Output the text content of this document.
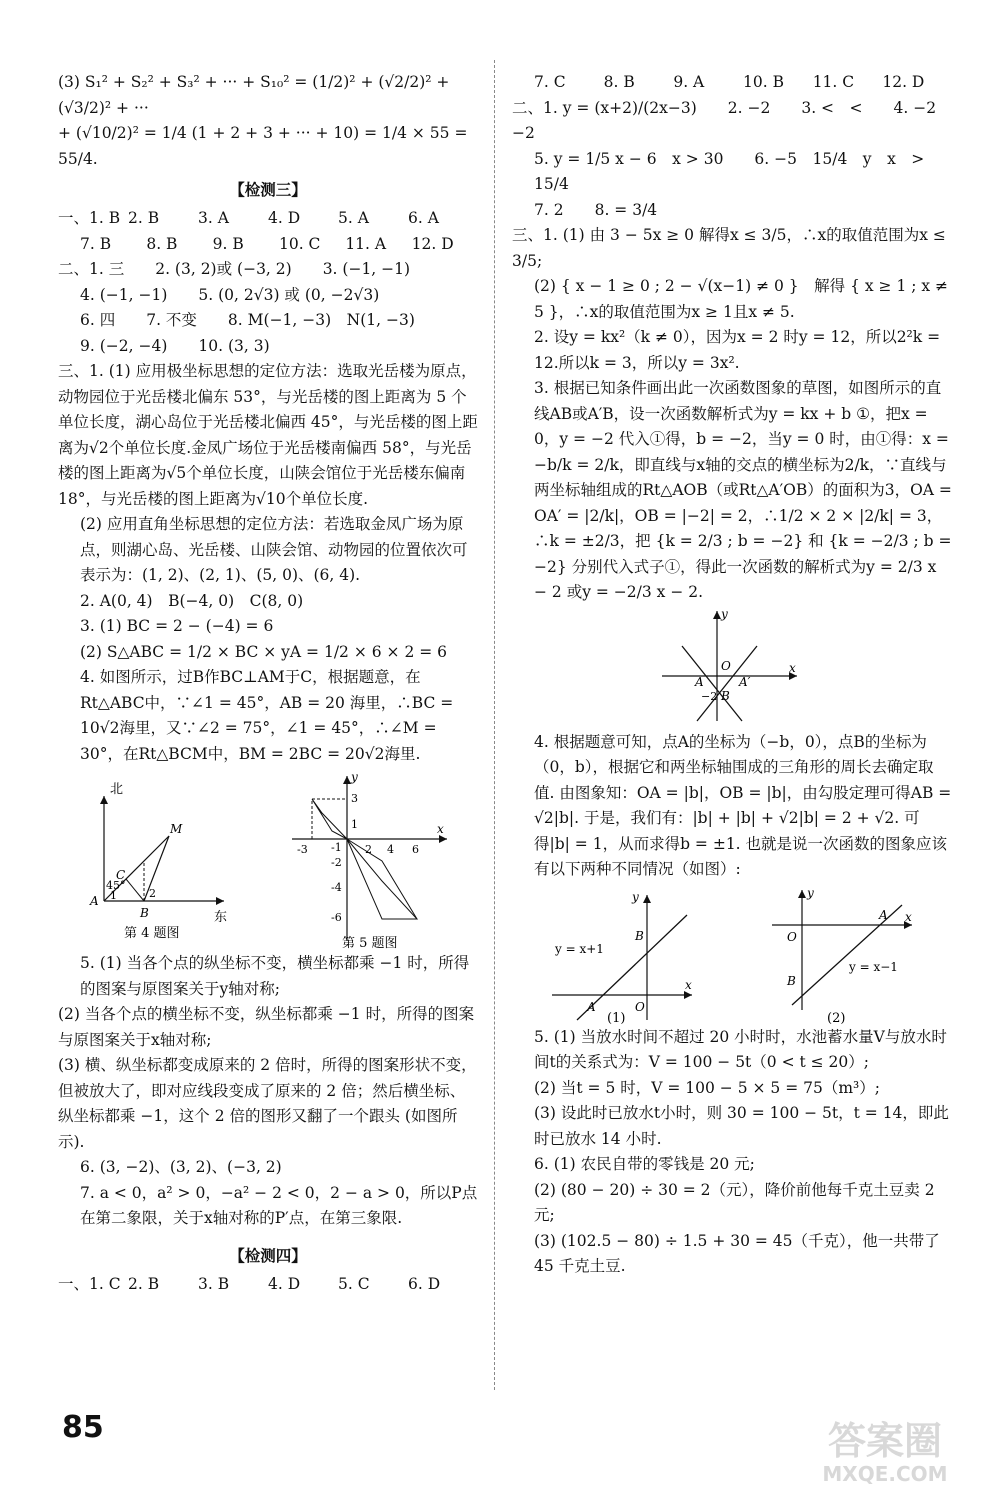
(3) S₁² + S₂² + S₃² + ··· + S₁₀² = (1/2)² + (√2/2)² + (√3/2)² + ···
+ (√10/2)² = 1/4 (1 + 2 + 3 + ··· + 10) = 1/4 × 55 = 55/4.
【检测三】
一、1. B 2. B	3. A	4. D	5. A	6. A
7. B	8. B	9. B	10. C	11. A	12. D
二、1. 三　　2. (3, 2)或 (−3, 2)　　3. (−1, −1)
4. (−1, −1)　　5. (0, 2√3) 或 (0, −2√3)
6. 四　　7. 不变　　8. M(−1, −3)　N(1, −3)
9. (−2, −4)　　10. (3, 3)
三、1. (1) 应用极坐标思想的定位方法：选取光岳楼为原点，动物园位于光岳楼北偏东 53°，与光岳楼的图上距离为 5 个单位长度，湖心岛位于光岳楼北偏西 45°，与光岳楼的图上距离为√2个单位长度.金凤广场位于光岳楼南偏西 58°，与光岳楼的图上距离为√5个单位长度，山陕会馆位于光岳楼东偏南 18°，与光岳楼的图上距离为√10个单位长度.
(2) 应用直角坐标思想的定位方法：若选取金凤广场为原点，则湖心岛、光岳楼、山陕会馆、动物园的位置依次可表示为：(1, 2)、(2, 1)、(5, 0)、(6, 4).
2. A(0, 4)　B(−4, 0)　C(8, 0)
3. (1) BC = 2 − (−4) = 6
(2) S△ABC = 1/2 × BC × yA = 1/2 × 6 × 2 = 6
4. 如图所示，过B作BC⊥AM于C，根据题意，在Rt△ABC中，∵∠1 = 45°，AB = 20 海里，∴BC = 10√2海里，又∵∠2 = 75°，∠1 = 45°，∴∠M = 30°，在Rt△BCM中，BM = 2BC = 20√2海里.
北
东
M
C
45°
A 1
B
2
第 4 题图
y
x
3
1
-1
-2
-4
-6
-3	2 4 6
第 5 题图
5. (1) 当各个点的纵坐标不变，横坐标都乘 −1 时，所得的图案与原图案关于y轴对称;
(2) 当各个点的横坐标不变，纵坐标都乘 −1 时，所得的图案与原图案关于x轴对称;
(3) 横、纵坐标都变成原来的 2 倍时，所得的图案形状不变，但被放大了，即对应线段变成了原来的 2 倍；然后横坐标、纵坐标都乘 −1，这个 2 倍的图形又翻了一个跟头 (如图所示).
6. (3, −2)、(3, 2)、(−3, 2)
7. a < 0，a² > 0，−a² − 2 < 0，2 − a > 0，所以P点在第二象限，关于x轴对称的P′点，在第三象限.
【检测四】
一、1. C 2. B	3. B	4. D	5. C	6. D
7. C	8. B	9. A	10. B	11. C	12. D
二、1. y = (x+2)/(2x−3)　　2. −2　　3. <　<　　4. −2　−2
5. y = 1/5 x − 6　x > 30　　6. −5　15/4　y　x　> 15/4
7. 2　　8. = 3/4
三、1. (1) 由 3 − 5x ≥ 0 解得x ≤ 3/5，∴x的取值范围为x ≤ 3/5;
(2) { x − 1 ≥ 0 ; 2 − √(x−1) ≠ 0 }　解得 { x ≥ 1 ; x ≠ 5 }，∴x的取值范围为x ≥ 1且x ≠ 5.
2. 设y = kx²（k ≠ 0），因为x = 2 时y = 12，所以2²k = 12.所以k = 3，所以y = 3x².
3. 根据已知条件画出此一次函数图象的草图，如图所示的直线AB或A′B，设一次函数解析式为y = kx + b ①，把x = 0，y = −2 代入①得，b = −2，当y = 0 时，由①得：x = −b/k = 2/k，即直线与x轴的交点的横坐标为2/k，∵直线与两坐标轴组成的Rt△AOB（或Rt△A′OB）的面积为3，OA = OA′ = |2/k|，OB = |−2| = 2，∴1/2 × 2 × |2/k| = 3，∴k = ±2/3，把 {k = 2/3 ; b = −2} 和 {k = −2/3 ; b = −2} 分别代入式子①，得此一次函数的解析式为y = 2/3 x − 2 或y = −2/3 x − 2.
y
x
O
A	A′
−2 B
4. 根据题意可知，点A的坐标为（−b，0），点B的坐标为（0，b），根据它和两坐标轴围成的三角形的周长去确定取值. 由图象知：OA = |b|，OB = |b|，由勾股定理可得AB = √2|b|. 于是，我们有：|b| + |b| + √2|b| = 2 + √2. 可得|b| = 1，从而求得b = ±1. 也就是说一次函数的图象应该有以下两种不同情况（如图）:
y
x
B
A	O
y = x+1
(1)
y
x
A
O
B
y = x−1
(2)
5. (1) 当放水时间不超过 20 小时时，水池蓄水量V与放水时间t的关系式为：V = 100 − 5t（0 < t ≤ 20）;
(2) 当t = 5 时，V = 100 − 5 × 5 = 75（m³）;
(3) 设此时已放水t小时，则 30 = 100 − 5t，t = 14，即此时已放水 14 小时.
6. (1) 农民自带的零钱是 20 元;
(2) (80 − 20) ÷ 30 = 2（元），降价前他每千克土豆卖 2 元;
(3) (102.5 − 80) ÷ 1.5 + 30 = 45（千克），他一共带了 45 千克土豆.
85	答案圈
MXQE.COM
